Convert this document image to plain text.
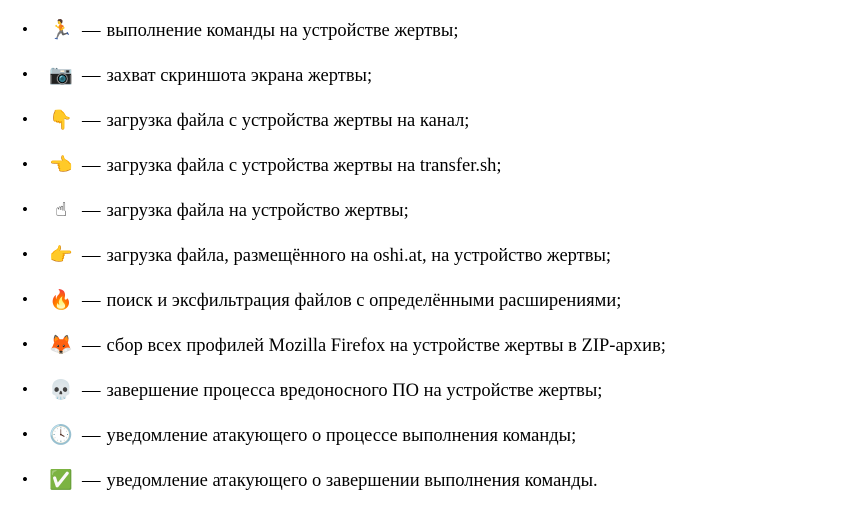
• 🏃 — выполнение команды на устройстве жертвы;
• 📷 — захват скриншота экрана жертвы;
• 👇 — загрузка файла с устройства жертвы на канал;
• 👈 — загрузка файла с устройства жертвы на transfer.sh;
•	☝ — загрузка файла на устройство жертвы;
• 👉 — загрузка файла, размещённого на oshi.at, на устройство жертвы;
• 🔥 — поиск и эксфильтрация файлов с определёнными расширениями;
• 🦊 — сбор всех профилей Mozilla Firefox на устройстве жертвы в ZIP-архив;
• 💀 — завершение процесса вредоносного ПО на устройстве жертвы;
• 🕓 — уведомление атакующего о процессе выполнения команды;
• ✅ — уведомление атакующего о завершении выполнения команды.
